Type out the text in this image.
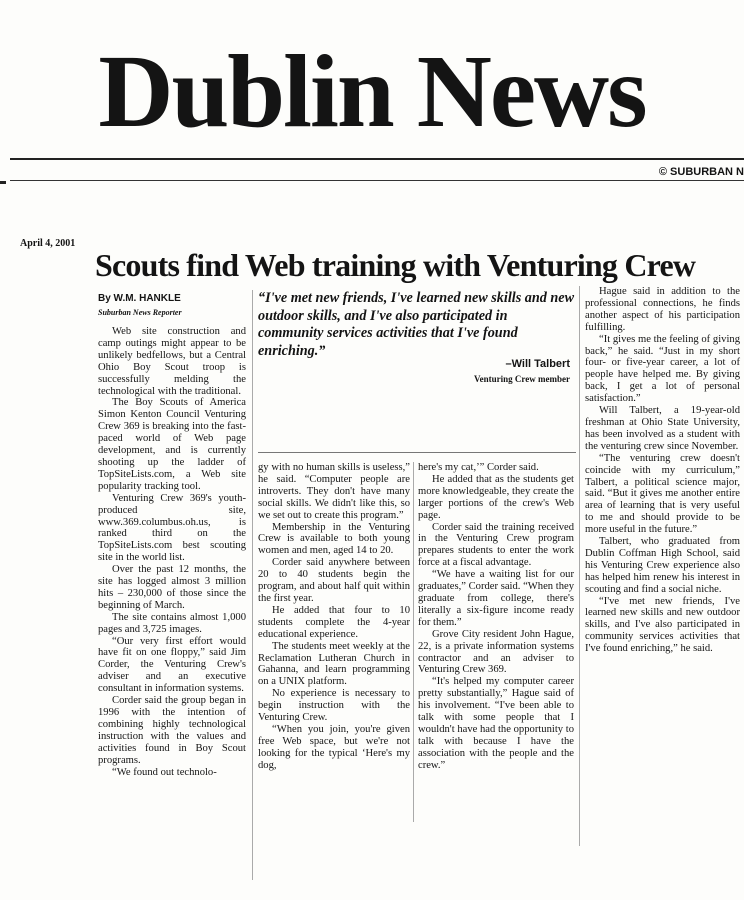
Dublin News
© SUBURBAN N
April 4, 2001
Scouts find Web training with Venturing Crew
By W.M. HANKLE
Suburban News Reporter
“I've met new friends, I've learned new skills and new outdoor skills, and I've also participated in community services activities that I've found enriching.”
–Will Talbert
Venturing Crew member

Web site construction and camp outings might appear to be unlikely bedfellows, but a Central Ohio Boy Scout troop is successfully melding the technological with the traditional.

The Boy Scouts of America Simon Kenton Council Venturing Crew 369 is breaking into the fast-paced world of Web page development, and is currently shooting up the ladder of TopSiteLists.com, a Web site popularity tracking tool.

Venturing Crew 369's youth-produced site, www.369.columbus.oh.us, is ranked third on the TopSiteLists.com best scouting site in the world list.

Over the past 12 months, the site has logged almost 3 million hits – 230,000 of those since the beginning of March.

The site contains almost 1,000 pages and 3,725 images.

“Our very first effort would have fit on one floppy,” said Jim Corder, the Venturing Crew's adviser and an executive consultant in information systems.

Corder said the group began in 1996 with the intention of combining highly technological instruction with the values and activities found in Boy Scout programs.

“We found out technolo-

gy with no human skills is useless,” he said. “Computer people are introverts. They don't have many social skills. We didn't like this, so we set out to create this program.”

Membership in the Venturing Crew is available to both young women and men, aged 14 to 20.

Corder said anywhere between 20 to 40 students begin the program, and about half quit within the first year.

He added that four to 10 students complete the 4-year educational experience.

The students meet weekly at the Reclamation Lutheran Church in Gahanna, and learn programming on a UNIX platform.

No experience is necessary to begin instruction with the Venturing Crew.

“When you join, you're given free Web space, but we're not looking for the typical ‘Here's my dog,

here's my cat,’” Corder said.

He added that as the students get more knowledgeable, they create the larger portions of the crew's Web page.

Corder said the training received in the Venturing Crew program prepares students to enter the work force at a fiscal advantage.

“We have a waiting list for our graduates,” Corder said. “When they graduate from college, there's literally a six-figure income ready for them.”

Grove City resident John Hague, 22, is a private information systems contractor and an adviser to Venturing Crew 369.

“It's helped my computer career pretty substantially,” Hague said of his involvement. “I've been able to talk with some people that I wouldn't have had the opportunity to talk with because I have the association with the people and the crew.”

Hague said in addition to the professional connections, he finds another aspect of his participation fulfilling.

“It gives me the feeling of giving back,” he said. “Just in my short four- or five-year career, a lot of people have helped me. By giving back, I get a lot of personal satisfaction.”

Will Talbert, a 19-year-old freshman at Ohio State University, has been involved as a student with the venturing crew since November.

“The venturing crew doesn't coincide with my curriculum,” Talbert, a political science major, said. “But it gives me another entire area of learning that is very useful to me and should provide to be more useful in the future.”

Talbert, who graduated from Dublin Coffman High School, said his Venturing Crew experience also has helped him renew his interest in scouting and find a social niche.

“I've met new friends, I've learned new skills and new outdoor skills, and I've also participated in community services activities that I've found enriching,” he said.
